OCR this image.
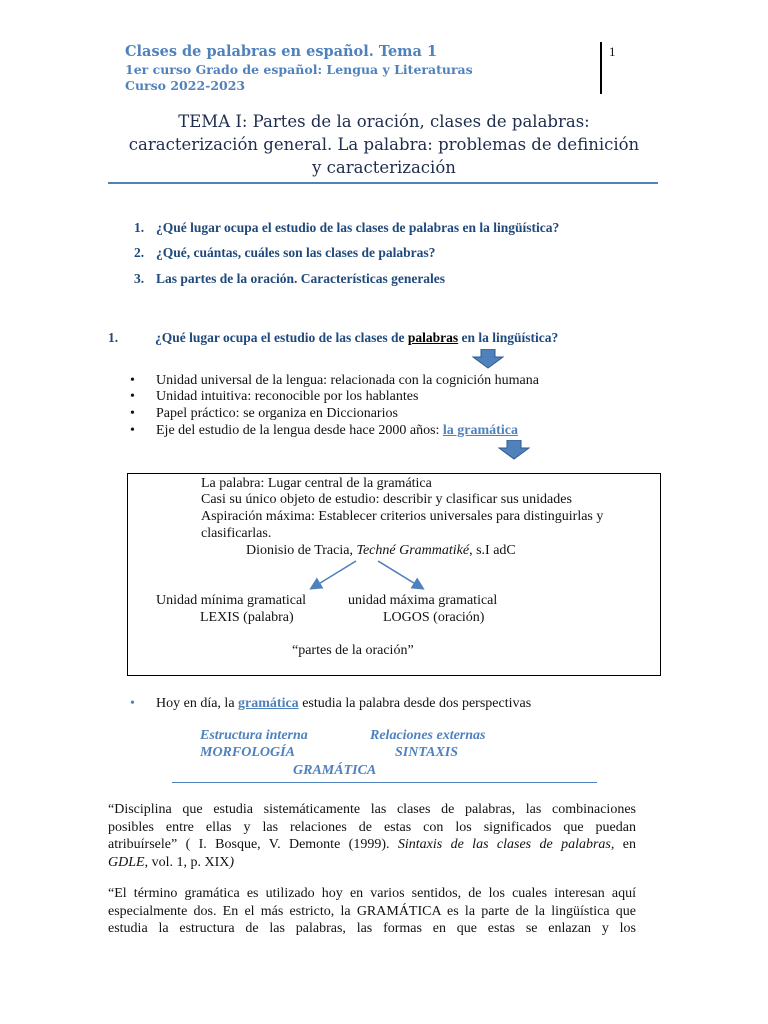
Clases de palabras en español. Tema 1
1er curso Grado de español: Lengua y Literaturas
Curso 2022-2023
1
TEMA I: Partes de la oración, clases de palabras:
caracterización general. La palabra: problemas de definición
y caracterización
1. ¿Qué lugar ocupa el estudio de las clases de palabras en la lingüística?
2. ¿Qué, cuántas, cuáles son las clases de palabras?
3. Las partes de la oración. Características generales
1.	¿Qué lugar ocupa el estudio de las clases de palabras en la lingüística?
• Unidad universal de la lengua: relacionada con la cognición humana
• Unidad intuitiva: reconocible por los hablantes
• Papel práctico: se organiza en Diccionarios
• Eje del estudio de la lengua desde hace 2000 años: la gramática
La palabra: Lugar central de la gramática
Casi su único objeto de estudio: describir y clasificar sus unidades
Aspiración máxima: Establecer criterios universales para distinguirlas y
clasificarlas.
Dionisio de Tracia, Techné Grammatiké, s.I adC
Unidad mínima gramatical
LEXIS (palabra)
unidad máxima gramatical
LOGOS (oración)
“partes de la oración”
• Hoy en día, la gramática estudia la palabra desde dos perspectivas
Estructura interna
MORFOLOGÍA
Relaciones externas
SINTAXIS
GRAMÁTICA
“Disciplina que estudia sistemáticamente las clases de palabras, las combinaciones
posibles entre ellas y las relaciones de estas con los significados que puedan
atribuírsele” ( I. Bosque, V. Demonte (1999). Sintaxis de las clases de palabras, en
GDLE, vol. 1, p. XIX)
“El término gramática es utilizado hoy en varios sentidos, de los cuales interesan aquí
especialmente dos. En el más estricto, la GRAMÁTICA es la parte de la lingüística que
estudia la estructura de las palabras, las formas en que estas se enlazan y los
